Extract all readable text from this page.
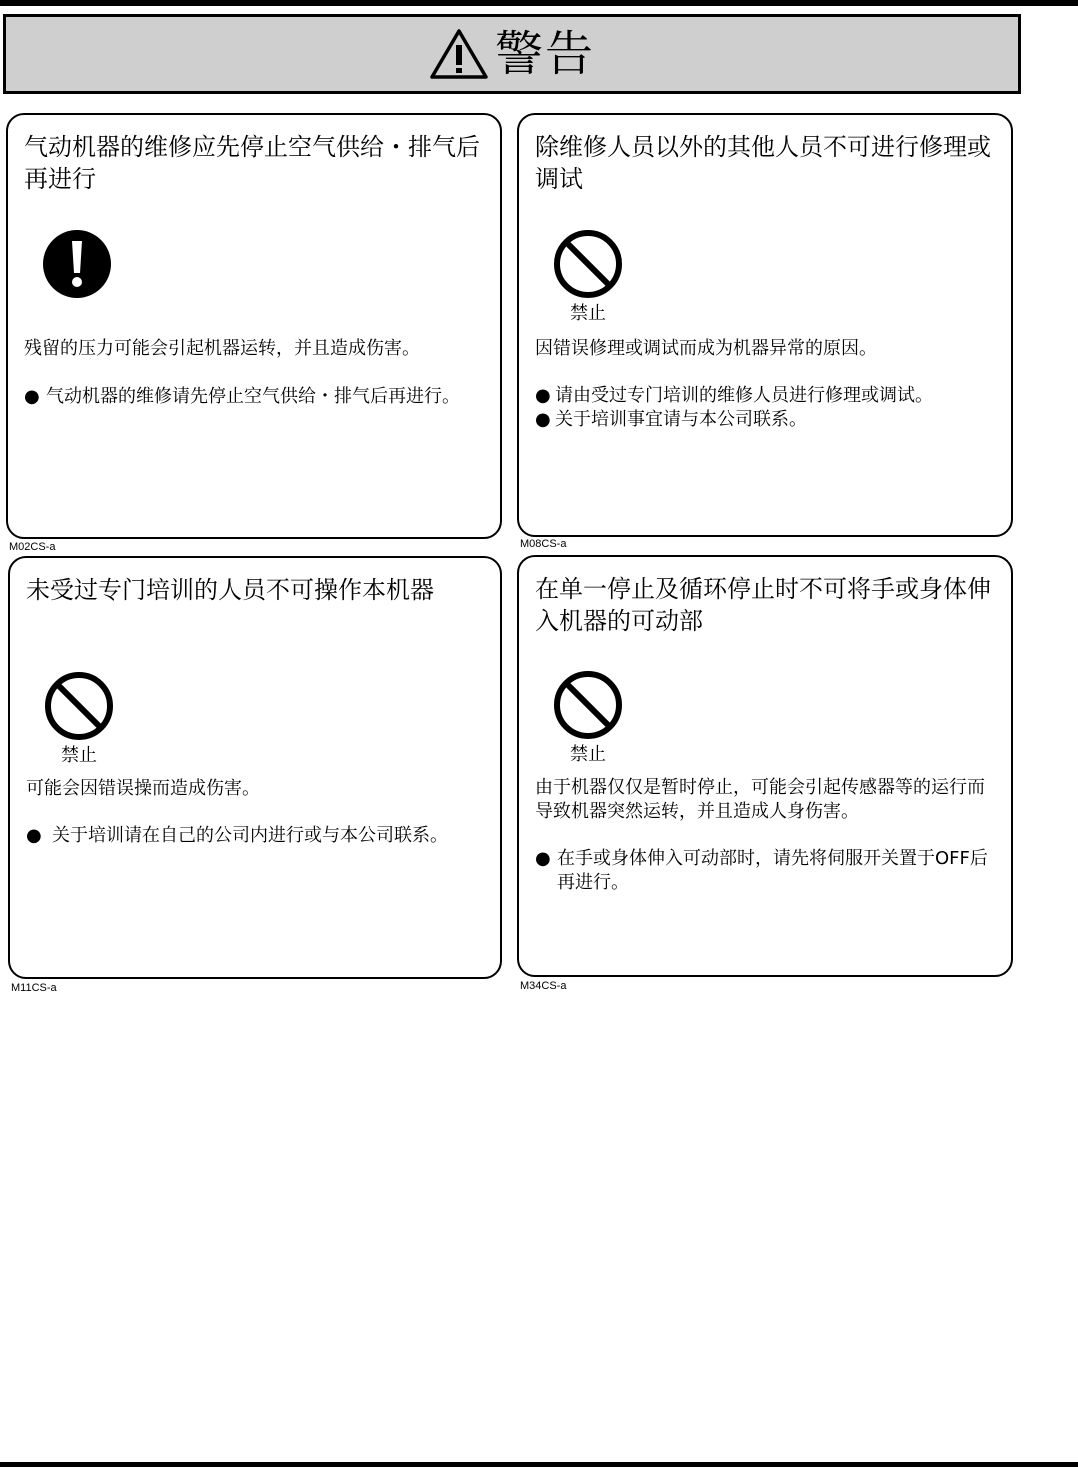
警告
气动机器的维修应先停止空气供给・排气后再进行
残留的压力可能会引起机器运转，并且造成伤害。
● 气动机器的维修请先停止空气供给・排气后再进行。
M02CS-a
除维修人员以外的其他人员不可进行修理或调试
禁止
因错误修理或调试而成为机器异常的原因。
● 请由受过专门培训的维修人员进行修理或调试。
● 关于培训事宜请与本公司联系。
M08CS-a
未受过专门培训的人员不可操作本机器
禁止
可能会因错误操而造成伤害。
● 关于培训请在自己的公司内进行或与本公司联系。
M11CS-a
在单一停止及循环停止时不可将手或身体伸入机器的可动部
禁止
由于机器仅仅是暂时停止，可能会引起传感器等的运行而导致机器突然运转，并且造成人身伤害。
● 在手或身体伸入可动部时，请先将伺服开关置于OFF后再进行。
M34CS-a
